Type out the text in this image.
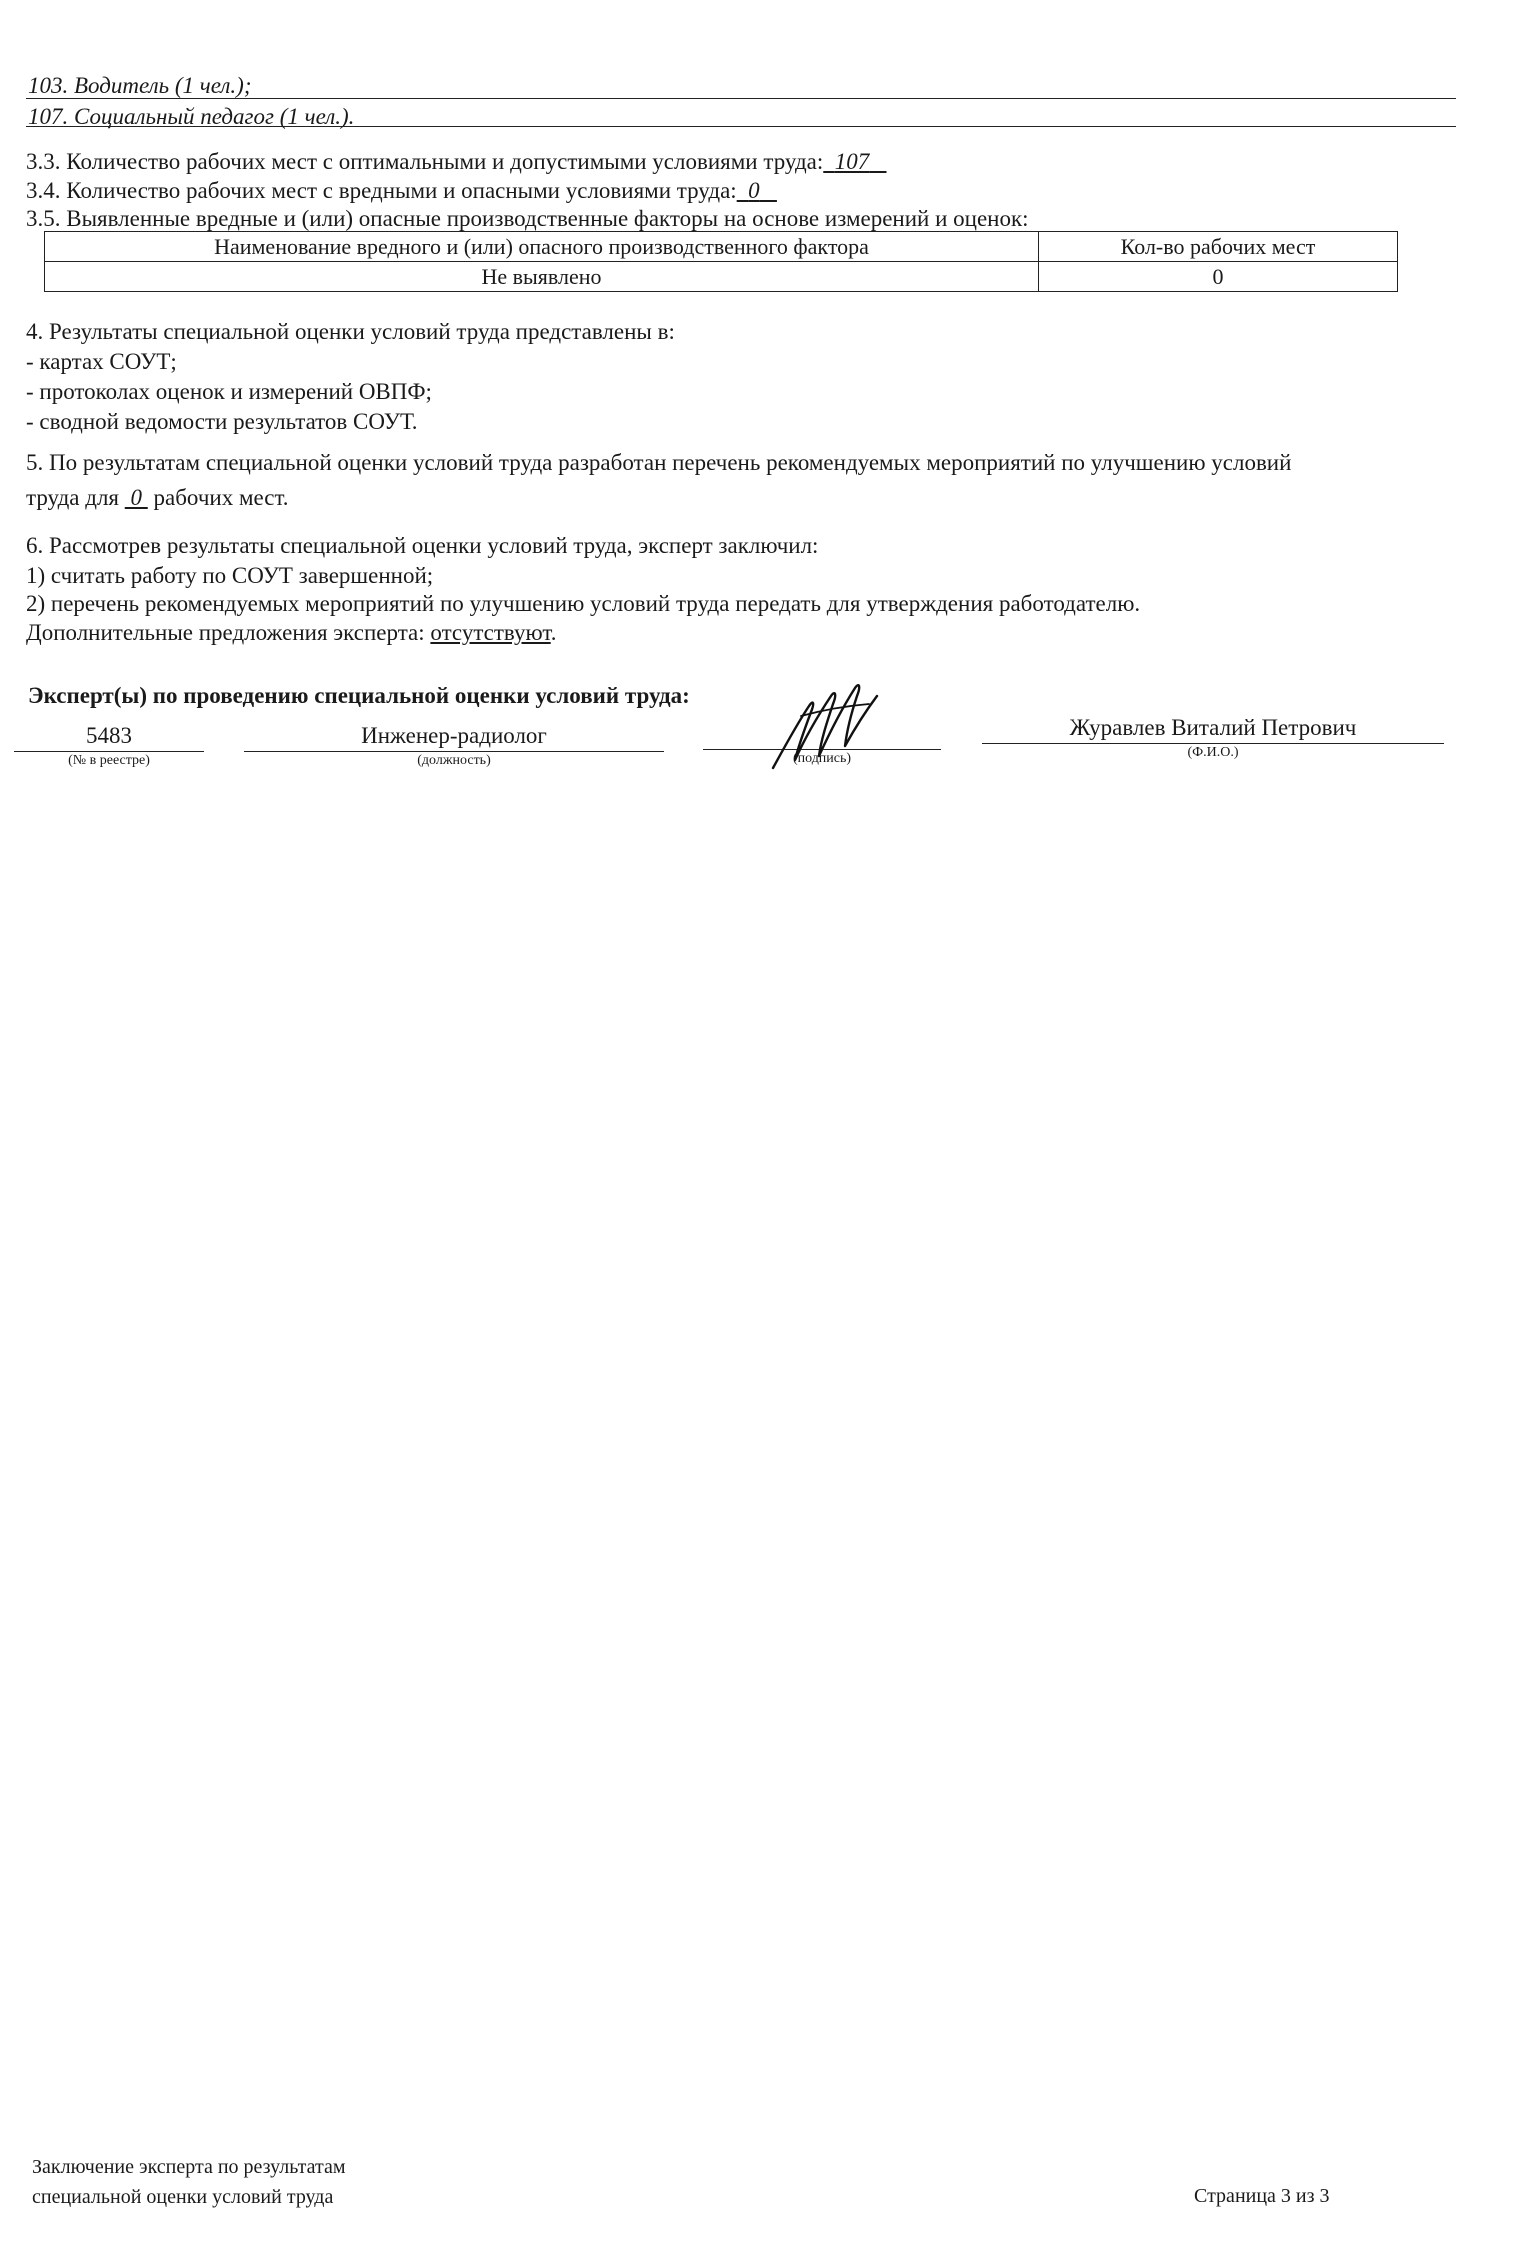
103. Водитель (1 чел.);
107. Социальный педагог (1 чел.).
3.3. Количество рабочих мест с оптимальными и допустимыми условиями труда: 107
3.4. Количество рабочих мест с вредными и опасными условиями труда: 0
3.5. Выявленные вредные и (или) опасные производственные факторы на основе измерений и оценок:
Наименование вредного и (или) опасного производственного фактора	Кол-во рабочих мест
Не выявлено	0
4. Результаты специальной оценки условий труда представлены в:
- картах СОУТ;
- протоколах оценок и измерений ОВПФ;
- сводной ведомости результатов СОУТ.
5. По результатам специальной оценки условий труда разработан перечень рекомендуемых мероприятий по улучшению условий
труда для 0 рабочих мест.
6. Рассмотрев результаты специальной оценки условий труда, эксперт заключил:
1) считать работу по СОУТ завершенной;
2) перечень рекомендуемых мероприятий по улучшению условий труда передать для утверждения работодателю.
Дополнительные предложения эксперта: отсутствуют.
Эксперт(ы) по проведению специальной оценки условий труда:
5483
(№ в реестре)
Инженер-радиолог
(должность)	(подпись)
Журавлев Виталий Петрович
(Ф.И.О.)
Заключение эксперта по результатам
специальной оценки условий труда	Страница 3 из 3
